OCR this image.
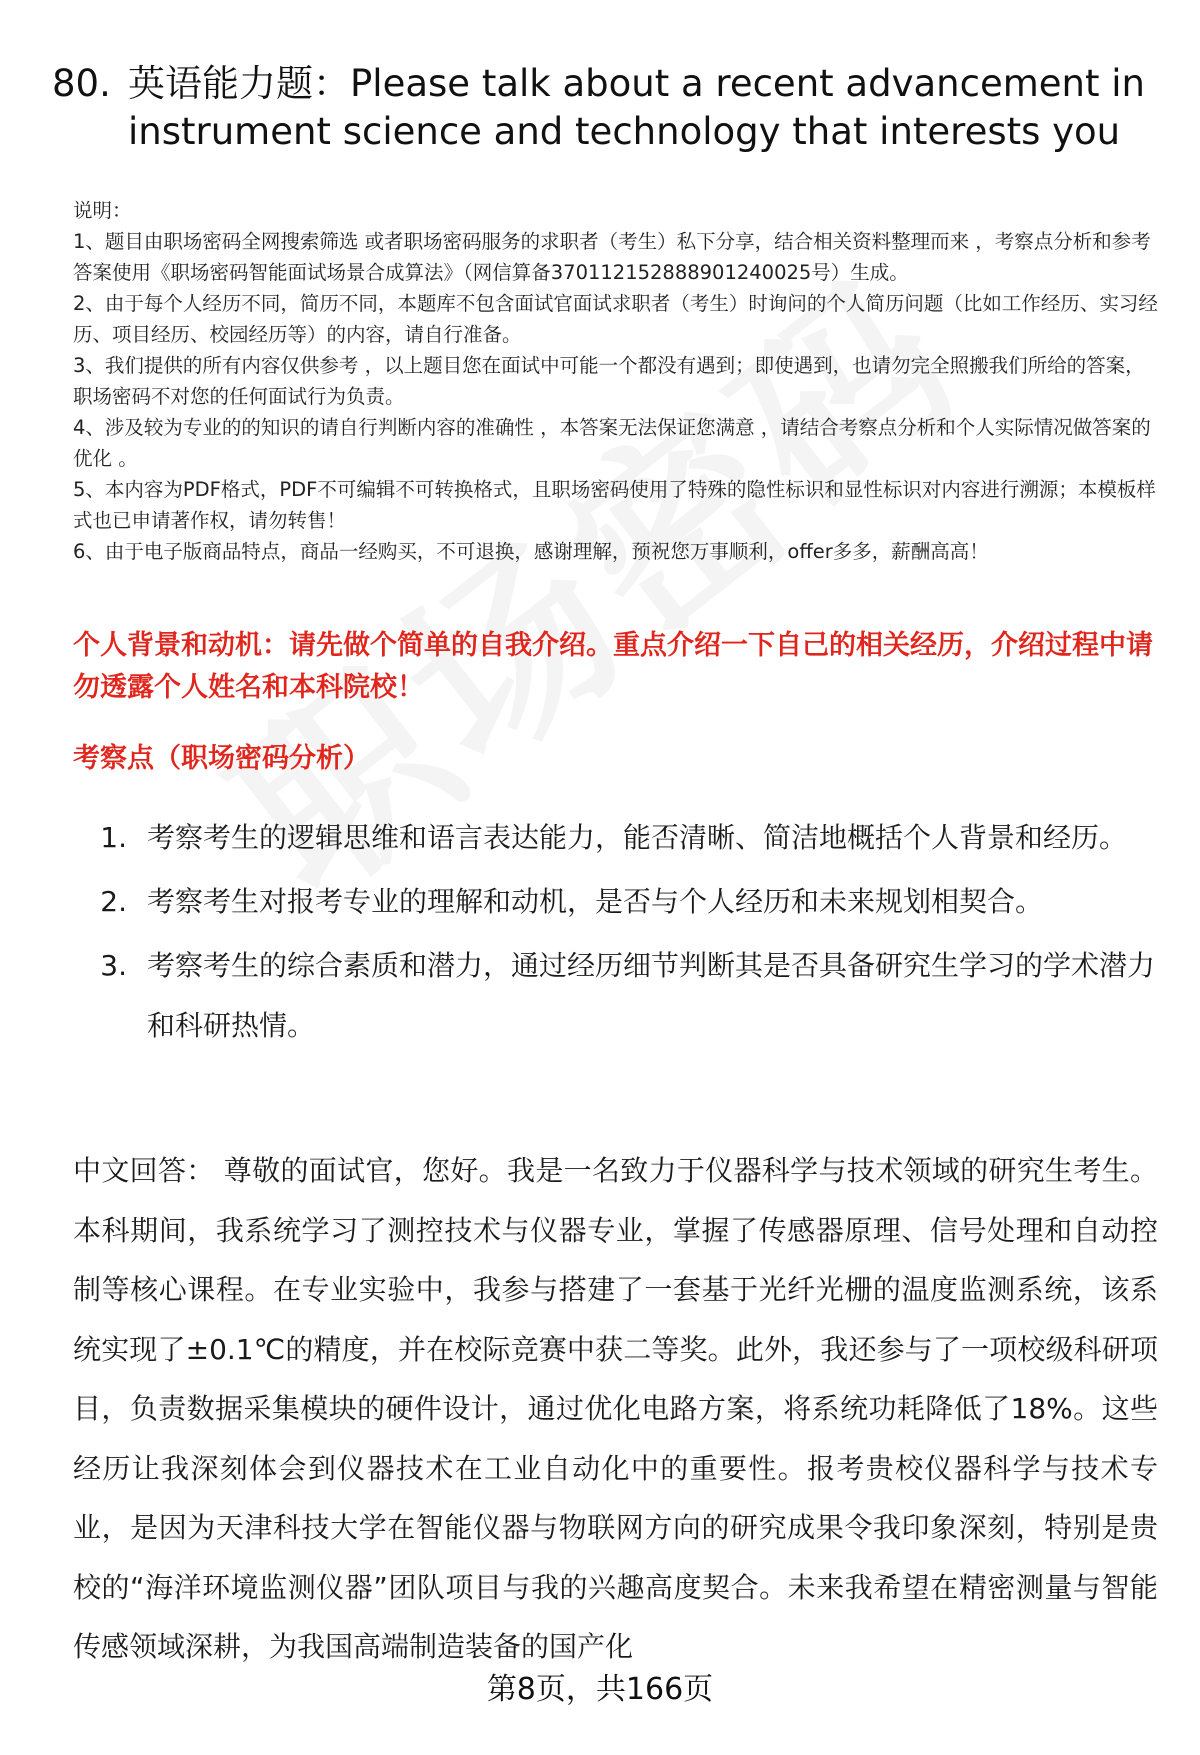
80. 英语能力题：Please talk about a recent advancement in instrument science and technology that interests you

说明：

1、题目由职场密码全网搜索筛选 或者职场密码服务的求职者（考生）私下分享，结合相关资料整理而来 ，考察点分析和参考答案使用《职场密码智能面试场景合成算法》（网信算备370112152888901240025号）生成。

2、由于每个人经历不同，简历不同，本题库不包含面试官面试求职者（考生）时询问的个人简历问题（比如工作经历、实习经历、项目经历、校园经历等）的内容，请自行准备。

3、我们提供的所有内容仅供参考 ，以上题目您在面试中可能一个都没有遇到；即使遇到，也请勿完全照搬我们所给的答案，职场密码不对您的任何面试行为负责。

4、涉及较为专业的的知识的请自行判断内容的准确性 ，本答案无法保证您满意 ，请结合考察点分析和个人实际情况做答案的优化 。

5、本内容为PDF格式，PDF不可编辑不可转换格式，且职场密码使用了特殊的隐性标识和显性标识对内容进行溯源；本模板样式也已申请著作权，请勿转售！

6、由于电子版商品特点，商品一经购买，不可退换，感谢理解，预祝您万事顺利，offer多多，薪酬高高！

个人背景和动机：请先做个简单的自我介绍。重点介绍一下自己的相关经历，介绍过程中请勿透露个人姓名和本科院校！

考察点（职场密码分析）

1. 考察考生的逻辑思维和语言表达能力，能否清晰、简洁地概括个人背景和经历。
2. 考察考生对报考专业的理解和动机，是否与个人经历和未来规划相契合。
3. 考察考生的综合素质和潜力，通过经历细节判断其是否具备研究生学习的学术潜力和科研热情。

中文回答： 尊敬的面试官，您好。我是一名致力于仪器科学与技术领域的研究生考生。本科期间，我系统学习了测控技术与仪器专业，掌握了传感器原理、信号处理和自动控制等核心课程。在专业实验中，我参与搭建了一套基于光纤光栅的温度监测系统，该系统实现了±0.1℃的精度，并在校际竞赛中获二等奖。此外，我还参与了一项校级科研项目，负责数据采集模块的硬件设计，通过优化电路方案，将系统功耗降低了18%。这些经历让我深刻体会到仪器技术在工业自动化中的重要性。报考贵校仪器科学与技术专业，是因为天津科技大学在智能仪器与物联网方向的研究成果令我印象深刻，特别是贵校的“海洋环境监测仪器”团队项目与我的兴趣高度契合。未来我希望在精密测量与智能传感领域深耕，为我国高端制造装备的国产化

第8页，共166页
